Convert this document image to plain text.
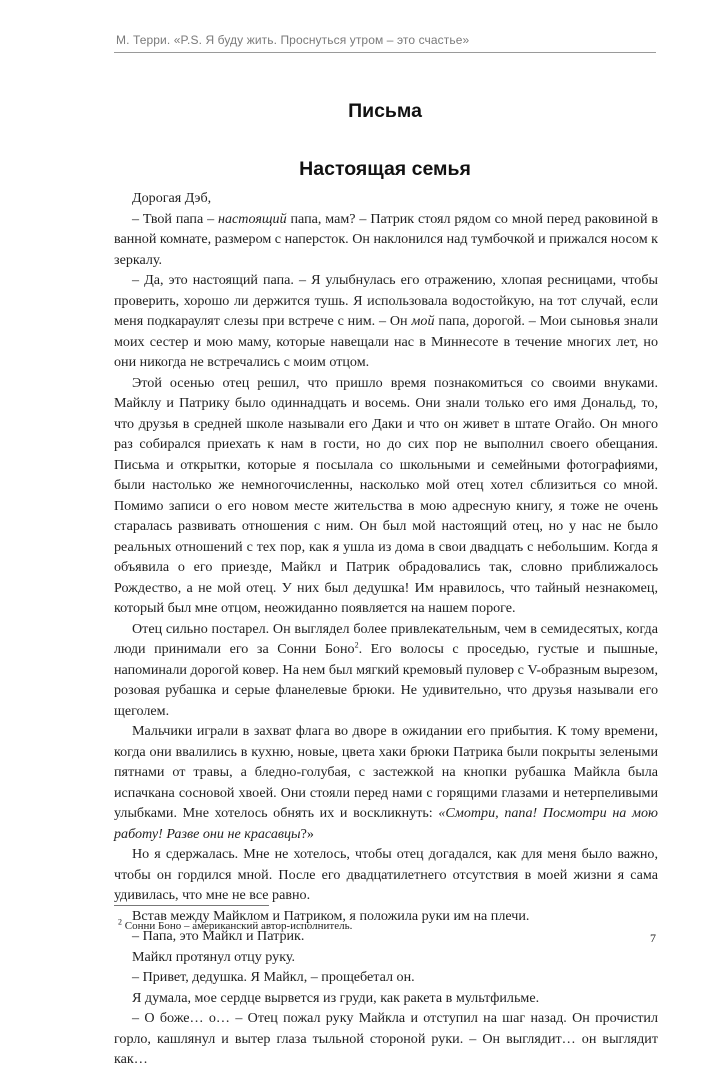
М. Терри. «P.S. Я буду жить. Проснуться утром – это счастье»
Письма
Настоящая семья

Дорогая Дэб,

– Твой папа – настоящий папа, мам? – Патрик стоял рядом со мной перед раковиной в ванной комнате, размером с наперсток. Он наклонился над тумбочкой и прижался носом к зеркалу.

– Да, это настоящий папа. – Я улыбнулась его отражению, хлопая ресницами, чтобы проверить, хорошо ли держится тушь. Я использовала водостойкую, на тот случай, если меня подкараулят слезы при встрече с ним. – Он мой папа, дорогой. – Мои сыновья знали моих сестер и мою маму, которые навещали нас в Миннесоте в течение многих лет, но они никогда не встречались с моим отцом.

Этой осенью отец решил, что пришло время познакомиться со своими внуками. Майклу и Патрику было одиннадцать и восемь. Они знали только его имя Дональд, то, что друзья в средней школе называли его Даки и что он живет в штате Огайо. Он много раз собирался приехать к нам в гости, но до сих пор не выполнил своего обещания. Письма и открытки, которые я посылала со школьными и семейными фотографиями, были настолько же немногочисленны, насколько мой отец хотел сблизиться со мной. Помимо записи о его новом месте жительства в мою адресную книгу, я тоже не очень старалась развивать отношения с ним. Он был мой настоящий отец, но у нас не было реальных отношений с тех пор, как я ушла из дома в свои двадцать с небольшим. Когда я объявила о его приезде, Майкл и Патрик обрадовались так, словно приближалось Рождество, а не мой отец. У них был дедушка! Им нравилось, что тайный незнакомец, который был мне отцом, неожиданно появляется на нашем пороге.

Отец сильно постарел. Он выглядел более привлекательным, чем в семидесятых, когда люди принимали его за Сонни Боно$^2$. Его волосы с проседью, густые и пышные, напоминали дорогой ковер. На нем был мягкий кремовый пуловер с V-образным вырезом, розовая рубашка и серые фланелевые брюки. Не удивительно, что друзья называли его щеголем.

Мальчики играли в захват флага во дворе в ожидании его прибытия. К тому времени, когда они ввалились в кухню, новые, цвета хаки брюки Патрика были покрыты зелеными пятнами от травы, а бледно-голубая, с застежкой на кнопки рубашка Майкла была испачкана сосновой хвоей. Они стояли перед нами с горящими глазами и нетерпеливыми улыбками. Мне хотелось обнять их и воскликнуть: «Смотри, папа! Посмотри на мою работу! Разве они не красавцы?»

Но я сдержалась. Мне не хотелось, чтобы отец догадался, как для меня было важно, чтобы он гордился мной. После его двадцатилетнего отсутствия в моей жизни я сама удивилась, что мне не все равно.

Встав между Майклом и Патриком, я положила руки им на плечи.

– Папа, это Майкл и Патрик.

Майкл протянул отцу руку.

– Привет, дедушка. Я Майкл, – прощебетал он.

Я думала, мое сердце вырвется из груди, как ракета в мультфильме.

– О боже… о… – Отец пожал руку Майкла и отступил на шаг назад. Он прочистил горло, кашлянул и вытер глаза тыльной стороной руки. – Он выглядит… он выглядит как…

$^2$ Сонни Боно – американский автор-исполнитель.
7
